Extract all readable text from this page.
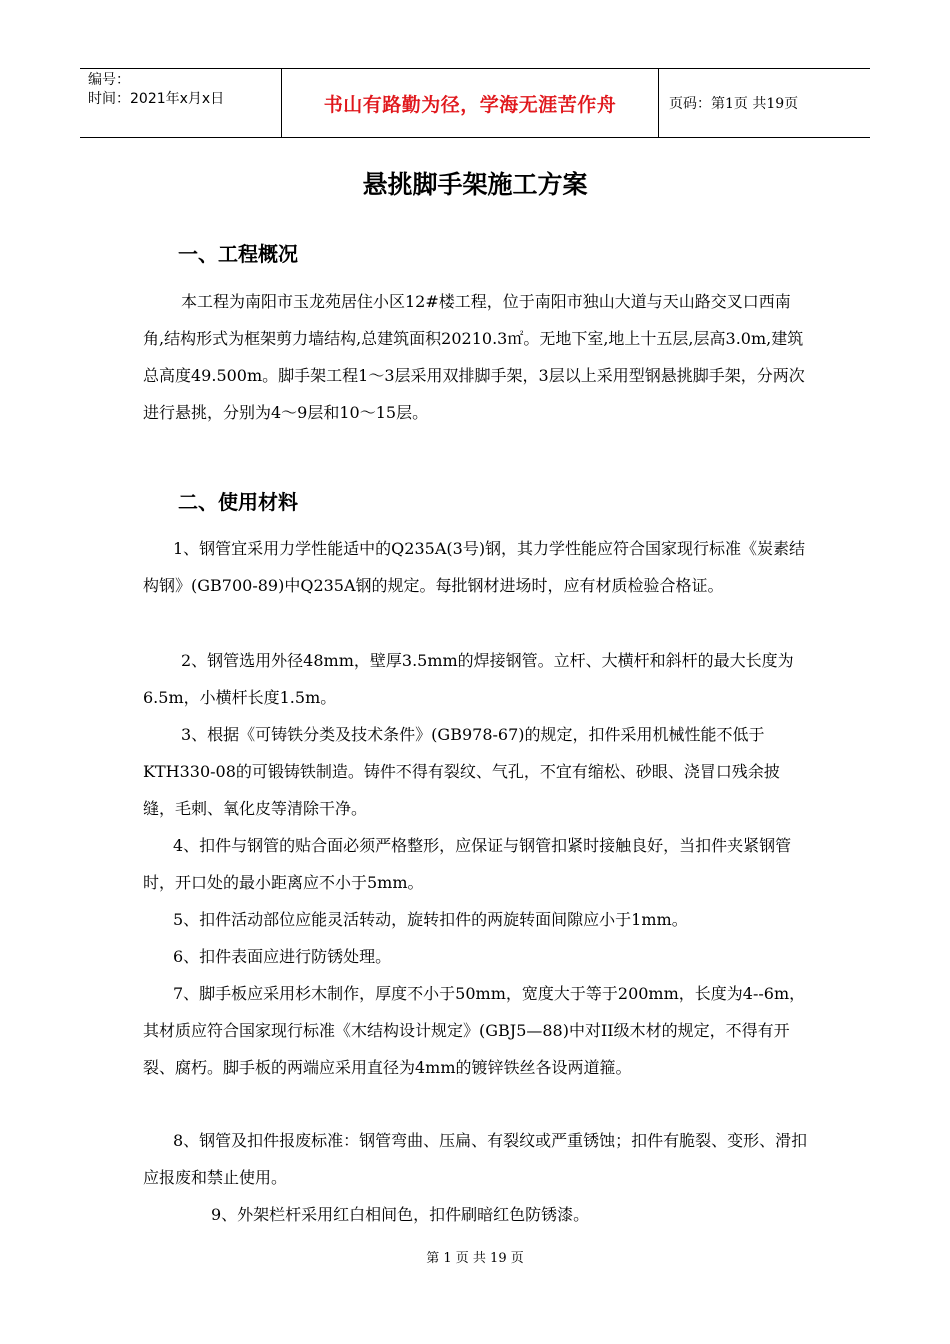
编号：
时间：2021年x月x日	书山有路勤为径，学海无涯苦作舟	页码：第1页 共19页
悬挑脚手架施工方案
一、工程概况
本工程为南阳市玉龙苑居住小区12#楼工程，位于南阳市独山大道与天山路交叉口西南角,结构形式为框架剪力墙结构,总建筑面积20210.3㎡。无地下室,地上十五层,层高3.0m,建筑总高度49.500m。脚手架工程1～3层采用双排脚手架，3层以上采用型钢悬挑脚手架，分两次进行悬挑，分别为4～9层和10～15层。
二、使用材料
1、钢管宜采用力学性能适中的Q235A(3号)钢，其力学性能应符合国家现行标准《炭素结构钢》(GB700-89)中Q235A钢的规定。每批钢材进场时，应有材质检验合格证。
2、钢管选用外径48mm，壁厚3.5mm的焊接钢管。立杆、大横杆和斜杆的最大长度为6.5m，小横杆长度1.5m。
3、根据《可铸铁分类及技术条件》(GB978-67)的规定，扣件采用机械性能不低于KTH330-08的可锻铸铁制造。铸件不得有裂纹、气孔，不宜有缩松、砂眼、浇冒口残余披缝，毛刺、氧化皮等清除干净。
4、扣件与钢管的贴合面必须严格整形，应保证与钢管扣紧时接触良好，当扣件夹紧钢管时，开口处的最小距离应不小于5mm。
5、扣件活动部位应能灵活转动，旋转扣件的两旋转面间隙应小于1mm。
6、扣件表面应进行防锈处理。
7、脚手板应采用杉木制作，厚度不小于50mm，宽度大于等于200mm，长度为4--6m，其材质应符合国家现行标准《木结构设计规定》(GBJ5—88)中对II级木材的规定，不得有开裂、腐朽。脚手板的两端应采用直径为4mm的镀锌铁丝各设两道箍。
8、钢管及扣件报废标准：钢管弯曲、压扁、有裂纹或严重锈蚀；扣件有脆裂、变形、滑扣应报废和禁止使用。
9、外架栏杆采用红白相间色，扣件刷暗红色防锈漆。
第 1 页 共 19 页
